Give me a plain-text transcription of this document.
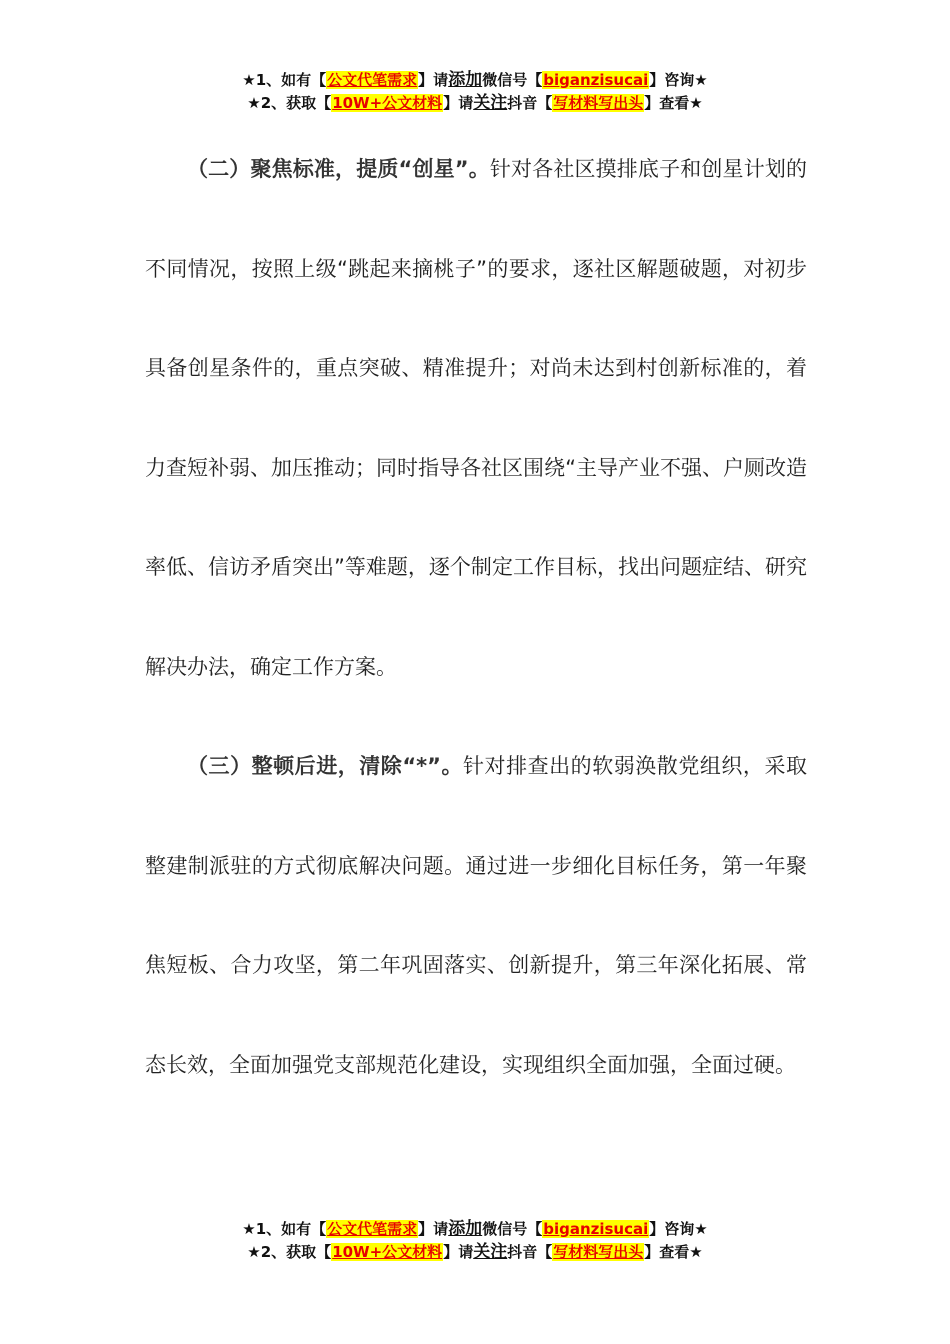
★1、如有【公文代笔需求】请添加微信号【biganzisucai】咨询★
★2、获取【10W+公文材料】请关注抖音【写材料写出头】查看★

（二）聚焦标准，提质“创星”。针对各社区摸排底子和创星计划的不同情况，按照上级“跳起来摘桃子”的要求，逐社区解题破题，对初步具备创星条件的，重点突破、精准提升；对尚未达到村创新标准的，着力查短补弱、加压推动；同时指导各社区围绕“主导产业不强、户厕改造率低、信访矛盾突出”等难题，逐个制定工作目标，找出问题症结、研究解决办法，确定工作方案。

（三）整顿后进，清除“*”。针对排查出的软弱涣散党组织，采取整建制派驻的方式彻底解决问题。通过进一步细化目标任务，第一年聚焦短板、合力攻坚，第二年巩固落实、创新提升，第三年深化拓展、常态长效，全面加强党支部规范化建设，实现组织全面加强，全面过硬。

★1、如有【公文代笔需求】请添加微信号【biganzisucai】咨询★
★2、获取【10W+公文材料】请关注抖音【写材料写出头】查看★
